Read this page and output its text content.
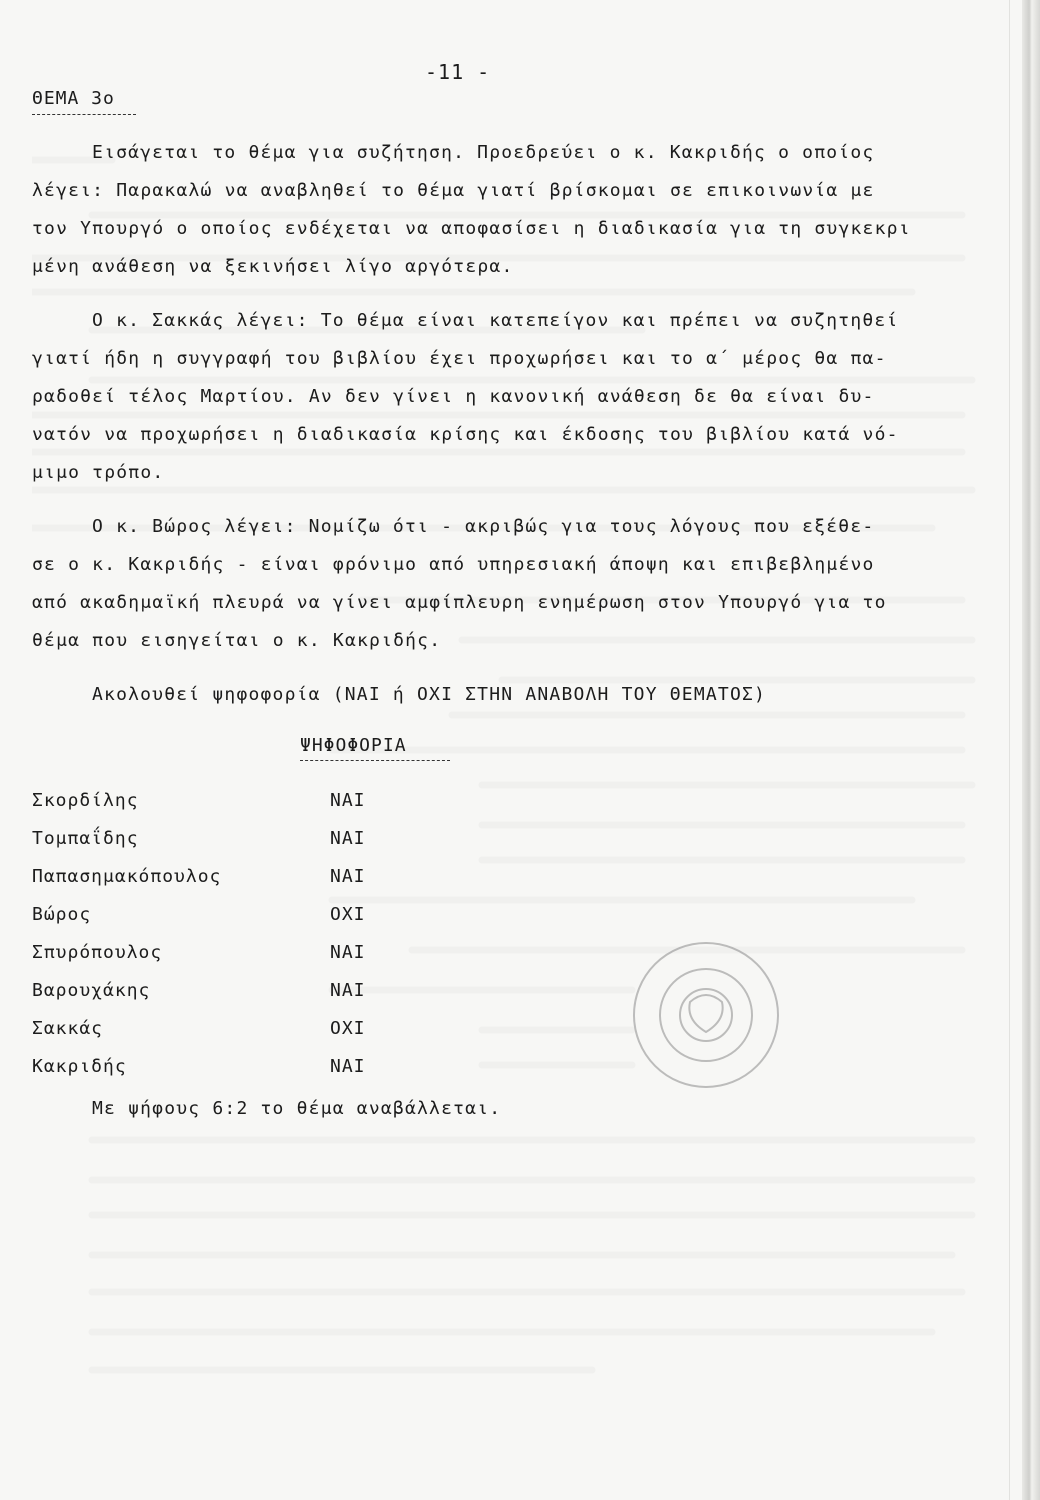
-11 -
ΘΕΜΑ 3ο

Εισάγεται το θέμα για συζήτηση. Προεδρεύει ο κ. Κακριδής ο οποίος
λέγει: Παρακαλώ να αναβληθεί το θέμα γιατί βρίσκομαι σε επικοινωνία με
τον Υπουργό ο οποίος ενδέχεται να αποφασίσει η διαδικασία για τη συγκεκρι
μένη ανάθεση να ξεκινήσει λίγο αργότερα.

Ο κ. Σακκάς λέγει: Το θέμα είναι κατεπείγον και πρέπει να συζητηθεί
γιατί ήδη η συγγραφή του βιβλίου έχει προχωρήσει και το α΄ μέρος θα πα-
ραδοθεί τέλος Μαρτίου. Αν δεν γίνει η κανονική ανάθεση δε θα είναι δυ-
νατόν να προχωρήσει η διαδικασία κρίσης και έκδοσης του βιβλίου κατά νό-
μιμο τρόπο.

Ο κ. Βώρος λέγει: Νομίζω ότι - ακριβώς για τους λόγους που εξέθε-
σε ο κ. Κακριδής - είναι φρόνιμο από υπηρεσιακή άποψη και επιβεβλημένο
από ακαδημαϊκή πλευρά να γίνει αμφίπλευρη ενημέρωση στον Υπουργό για το
θέμα που εισηγείται ο κ. Κακριδής.

Ακολουθεί ψηφοφορία (ΝΑΙ ή ΟΧΙ ΣΤΗΝ ΑΝΑΒΟΛΗ ΤΟΥ ΘΕΜΑΤΟΣ)

ΨΗΦΟΦΟΡΙΑ
Σκορδίλης	ΝΑΙ
Τομπαΐδης	ΝΑΙ
Παπασημακόπουλος	ΝΑΙ
Βώρος	ΟΧΙ
Σπυρόπουλος	ΝΑΙ
Βαρουχάκης	ΝΑΙ
Σακκάς	ΟΧΙ
Κακριδής	ΝΑΙ
Με ψήφους 6:2 το θέμα αναβάλλεται.
